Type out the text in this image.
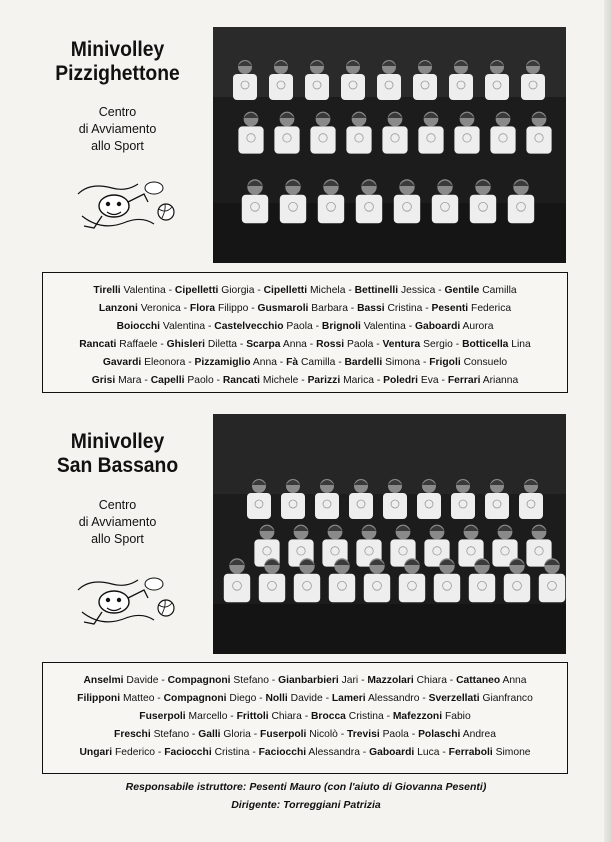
Minivolley
Pizzighettone
Centro
di Avviamento
allo Sport
Tirelli Valentina - Cipelletti Giorgia - Cipelletti Michela - Bettinelli Jessica - Gentile Camilla
Lanzoni Veronica - Flora Filippo - Gusmaroli Barbara - Bassi Cristina - Pesenti Federica
Boiocchi Valentina - Castelvecchio Paola - Brignoli Valentina - Gaboardi Aurora
Rancati Raffaele - Ghisleri Diletta - Scarpa Anna - Rossi Paola - Ventura Sergio - Botticella Lina
Gavardi Eleonora - Pizzamiglio Anna - Fà Camilla - Bardelli Simona - Frigoli Consuelo
Grisi Mara - Capelli Paolo - Rancati Michele - Parizzi Marica - Poledri Eva - Ferrari Arianna
Minivolley
San Bassano
Centro
di Avviamento
allo Sport
Anselmi Davide - Compagnoni Stefano - Gianbarbieri Jari - Mazzolari Chiara - Cattaneo Anna
Filipponi Matteo - Compagnoni Diego - Nolli Davide - Lameri Alessandro - Sverzellati Gianfranco
Fuserpoli Marcello - Frittoli Chiara - Brocca Cristina - Mafezzoni Fabio
Freschi Stefano - Galli Gloria - Fuserpoli Nicolò - Trevisi Paola - Polaschi Andrea
Ungari Federico - Faciocchi Cristina - Faciocchi Alessandra - Gaboardi Luca - Ferraboli Simone
Responsabile istruttore: Pesenti Mauro (con l'aiuto di Giovanna Pesenti)
Dirigente: Torreggiani Patrizia
